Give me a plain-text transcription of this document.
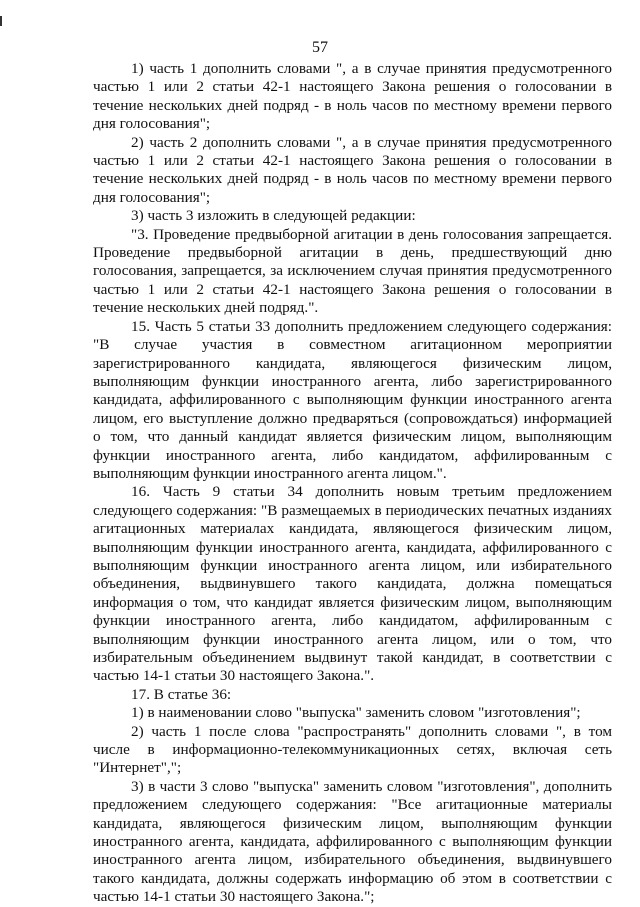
57

1) часть 1 дополнить словами ", а в случае принятия предусмотренного частью 1 или 2 статьи 42-1 настоящего Закона решения о голосовании в течение нескольких дней подряд - в ноль часов по местному времени первого дня голосования";

2) часть 2 дополнить словами ", а в случае принятия предусмотренного частью 1 или 2 статьи 42-1 настоящего Закона решения о голосовании в течение нескольких дней подряд - в ноль часов по местному времени первого дня голосования";

3) часть 3 изложить в следующей редакции:

"3. Проведение предвыборной агитации в день голосования запрещается. Проведение предвыборной агитации в день, предшествующий дню голосования, запрещается, за исключением случая принятия предусмотренного частью 1 или 2 статьи 42-1 настоящего Закона решения о голосовании в течение нескольких дней подряд.".

15. Часть 5 статьи 33 дополнить предложением следующего содержания: "В случае участия в совместном агитационном мероприятии зарегистрированного кандидата, являющегося физическим лицом, выполняющим функции иностранного агента, либо зарегистрированного кандидата, аффилированного с выполняющим функции иностранного агента лицом, его выступление должно предваряться (сопровождаться) информацией о том, что данный кандидат является физическим лицом, выполняющим функции иностранного агента, либо кандидатом, аффилированным с выполняющим функции иностранного агента лицом.".

16. Часть 9 статьи 34 дополнить новым третьим предложением следующего содержания: "В размещаемых в периодических печатных изданиях агитационных материалах кандидата, являющегося физическим лицом, выполняющим функции иностранного агента, кандидата, аффилированного с выполняющим функции иностранного агента лицом, или избирательного объединения, выдвинувшего такого кандидата, должна помещаться информация о том, что кандидат является физическим лицом, выполняющим функции иностранного агента, либо кандидатом, аффилированным с выполняющим функции иностранного агента лицом, или о том, что избирательным объединением выдвинут такой кандидат, в соответствии с частью 14-1 статьи 30 настоящего Закона.".

17. В статье 36:

1) в наименовании слово "выпуска" заменить словом "изготовления";

2) часть 1 после слова "распространять" дополнить словами ", в том числе в информационно-телекоммуникационных сетях, включая сеть "Интернет",";

3) в части 3 слово "выпуска" заменить словом "изготовления", дополнить предложением следующего содержания: "Все агитационные материалы кандидата, являющегося физическим лицом, выполняющим функции иностранного агента, кандидата, аффилированного с выполняющим функции иностранного агента лицом, избирательного объединения, выдвинувшего такого кандидата, должны содержать информацию об этом в соответствии с частью 14-1 статьи 30 настоящего Закона.";
